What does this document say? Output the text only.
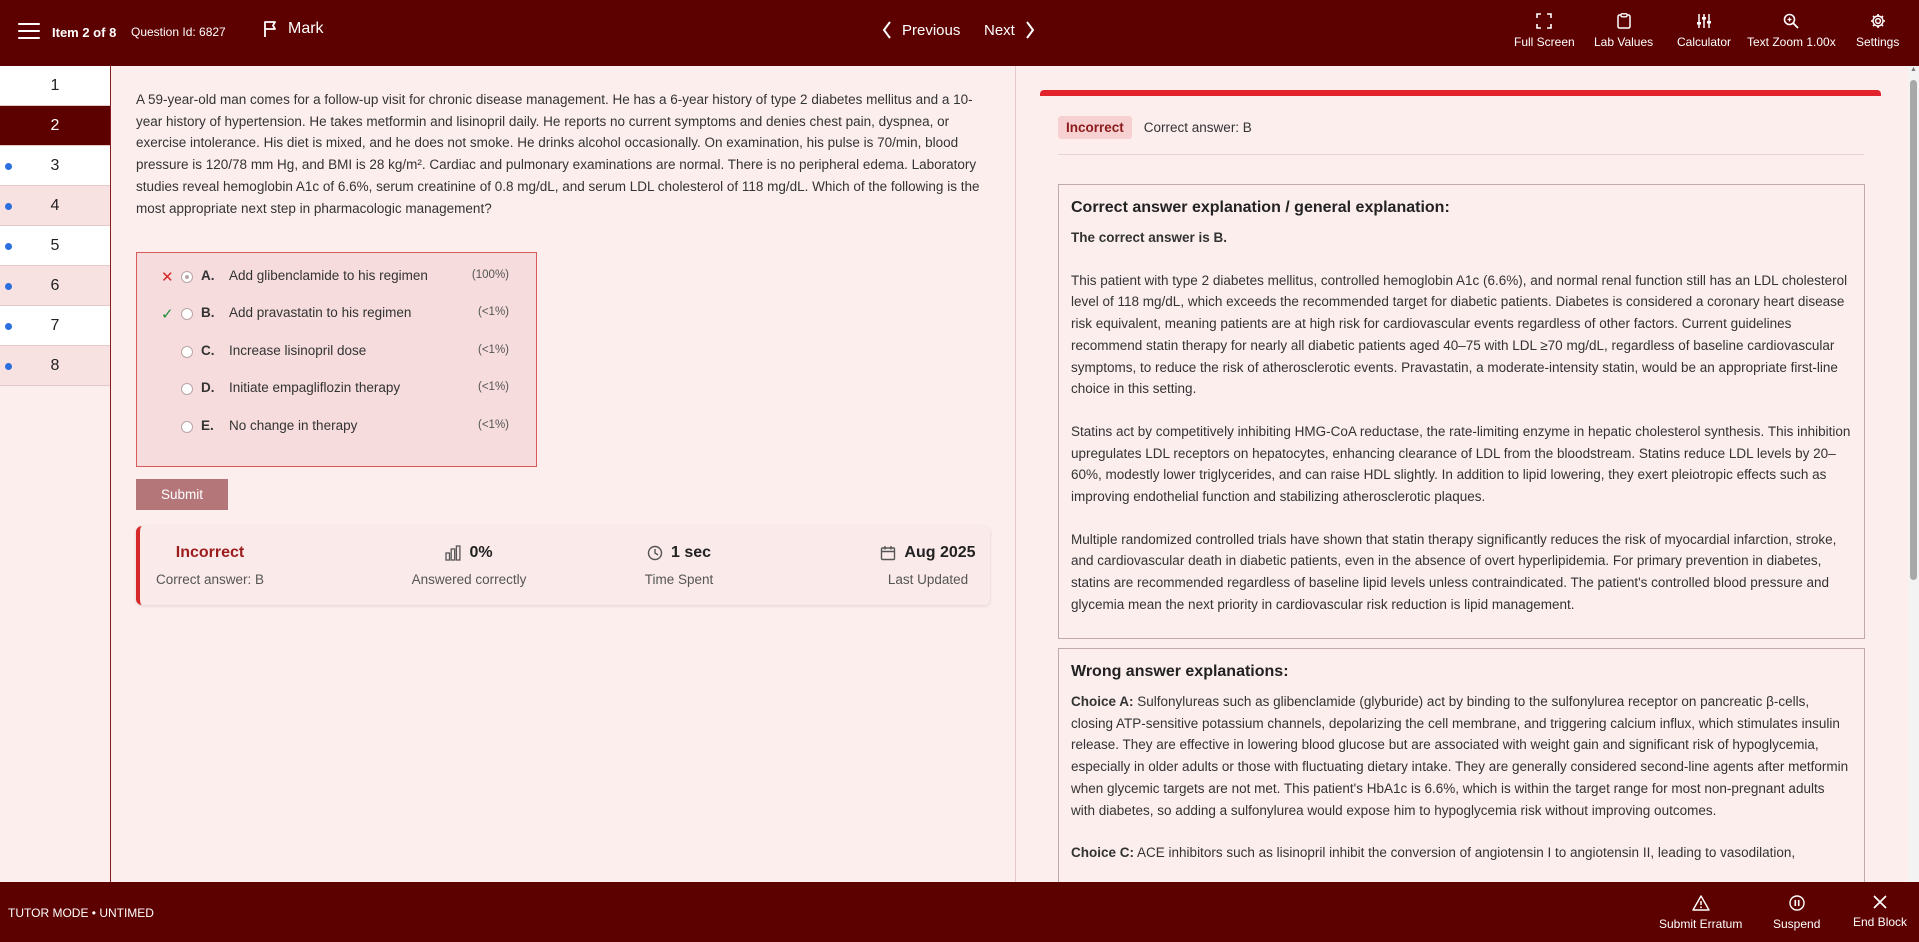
Item 2 of 8 Question Id: 6827	Mark	Previous Next
Full Screen Lab Values Calculator Text Zoom 1.00x Settings
1
2
3
4
5
6
7
8

A 59-year-old man comes for a follow-up visit for chronic disease management. He has a 6-year history of type 2 diabetes mellitus and a 10-year history of hypertension. He takes metformin and lisinopril daily. He reports no current symptoms and denies chest pain, dyspnea, or exercise intolerance. His diet is mixed, and he does not smoke. He drinks alcohol occasionally. On examination, his pulse is 70/min, blood pressure is 120/78 mm Hg, and BMI is 28 kg/m². Cardiac and pulmonary examinations are normal. There is no peripheral edema. Laboratory studies reveal hemoglobin A1c of 6.6%, serum creatinine of 0.8 mg/dL, and serum LDL cholesterol of 118 mg/dL. Which of the following is the most appropriate next step in pharmacologic management?

✕ A. Add glibenclamide to his regimen	(100%)
✓ B. Add pravastatin to his regimen	(<1%)
C. Increase lisinopril dose	(<1%)
D. Initiate empagliflozin therapy	(<1%)
E. No change in therapy	(<1%)
Submit
Incorrect
Correct answer: B
0%
Answered correctly
1 sec
Time Spent
Aug 2025
Last Updated
Incorrect	Correct answer: B
Correct answer explanation / general explanation:

The correct answer is B.

This patient with type 2 diabetes mellitus, controlled hemoglobin A1c (6.6%), and normal renal function still has an LDL cholesterol level of 118 mg/dL, which exceeds the recommended target for diabetic patients. Diabetes is considered a coronary heart disease risk equivalent, meaning patients are at high risk for cardiovascular events regardless of other factors. Current guidelines recommend statin therapy for nearly all diabetic patients aged 40–75 with LDL ≥70 mg/dL, regardless of baseline cardiovascular symptoms, to reduce the risk of atherosclerotic events. Pravastatin, a moderate-intensity statin, would be an appropriate first-line choice in this setting.

Statins act by competitively inhibiting HMG-CoA reductase, the rate-limiting enzyme in hepatic cholesterol synthesis. This inhibition upregulates LDL receptors on hepatocytes, enhancing clearance of LDL from the bloodstream. Statins reduce LDL levels by 20–60%, modestly lower triglycerides, and can raise HDL slightly. In addition to lipid lowering, they exert pleiotropic effects such as improving endothelial function and stabilizing atherosclerotic plaques.

Multiple randomized controlled trials have shown that statin therapy significantly reduces the risk of myocardial infarction, stroke, and cardiovascular death in diabetic patients, even in the absence of overt hyperlipidemia. For primary prevention in diabetes, statins are recommended regardless of baseline lipid levels unless contraindicated. The patient's controlled blood pressure and glycemia mean the next priority in cardiovascular risk reduction is lipid management.

Wrong answer explanations:

Choice A: Sulfonylureas such as glibenclamide (glyburide) act by binding to the sulfonylurea receptor on pancreatic β-cells, closing ATP-sensitive potassium channels, depolarizing the cell membrane, and triggering calcium influx, which stimulates insulin release. They are effective in lowering blood glucose but are associated with weight gain and significant risk of hypoglycemia, especially in older adults or those with fluctuating dietary intake. They are generally considered second-line agents after metformin when glycemic targets are not met. This patient's HbA1c is 6.6%, which is within the target range for most non-pregnant adults with diabetes, so adding a sulfonylurea would expose him to hypoglycemia risk without improving outcomes.

Choice C: ACE inhibitors such as lisinopril inhibit the conversion of angiotensin I to angiotensin II, leading to vasodilation,

▲
TUTOR MODE • UNTIMED
Submit Erratum	Suspend	End Block
